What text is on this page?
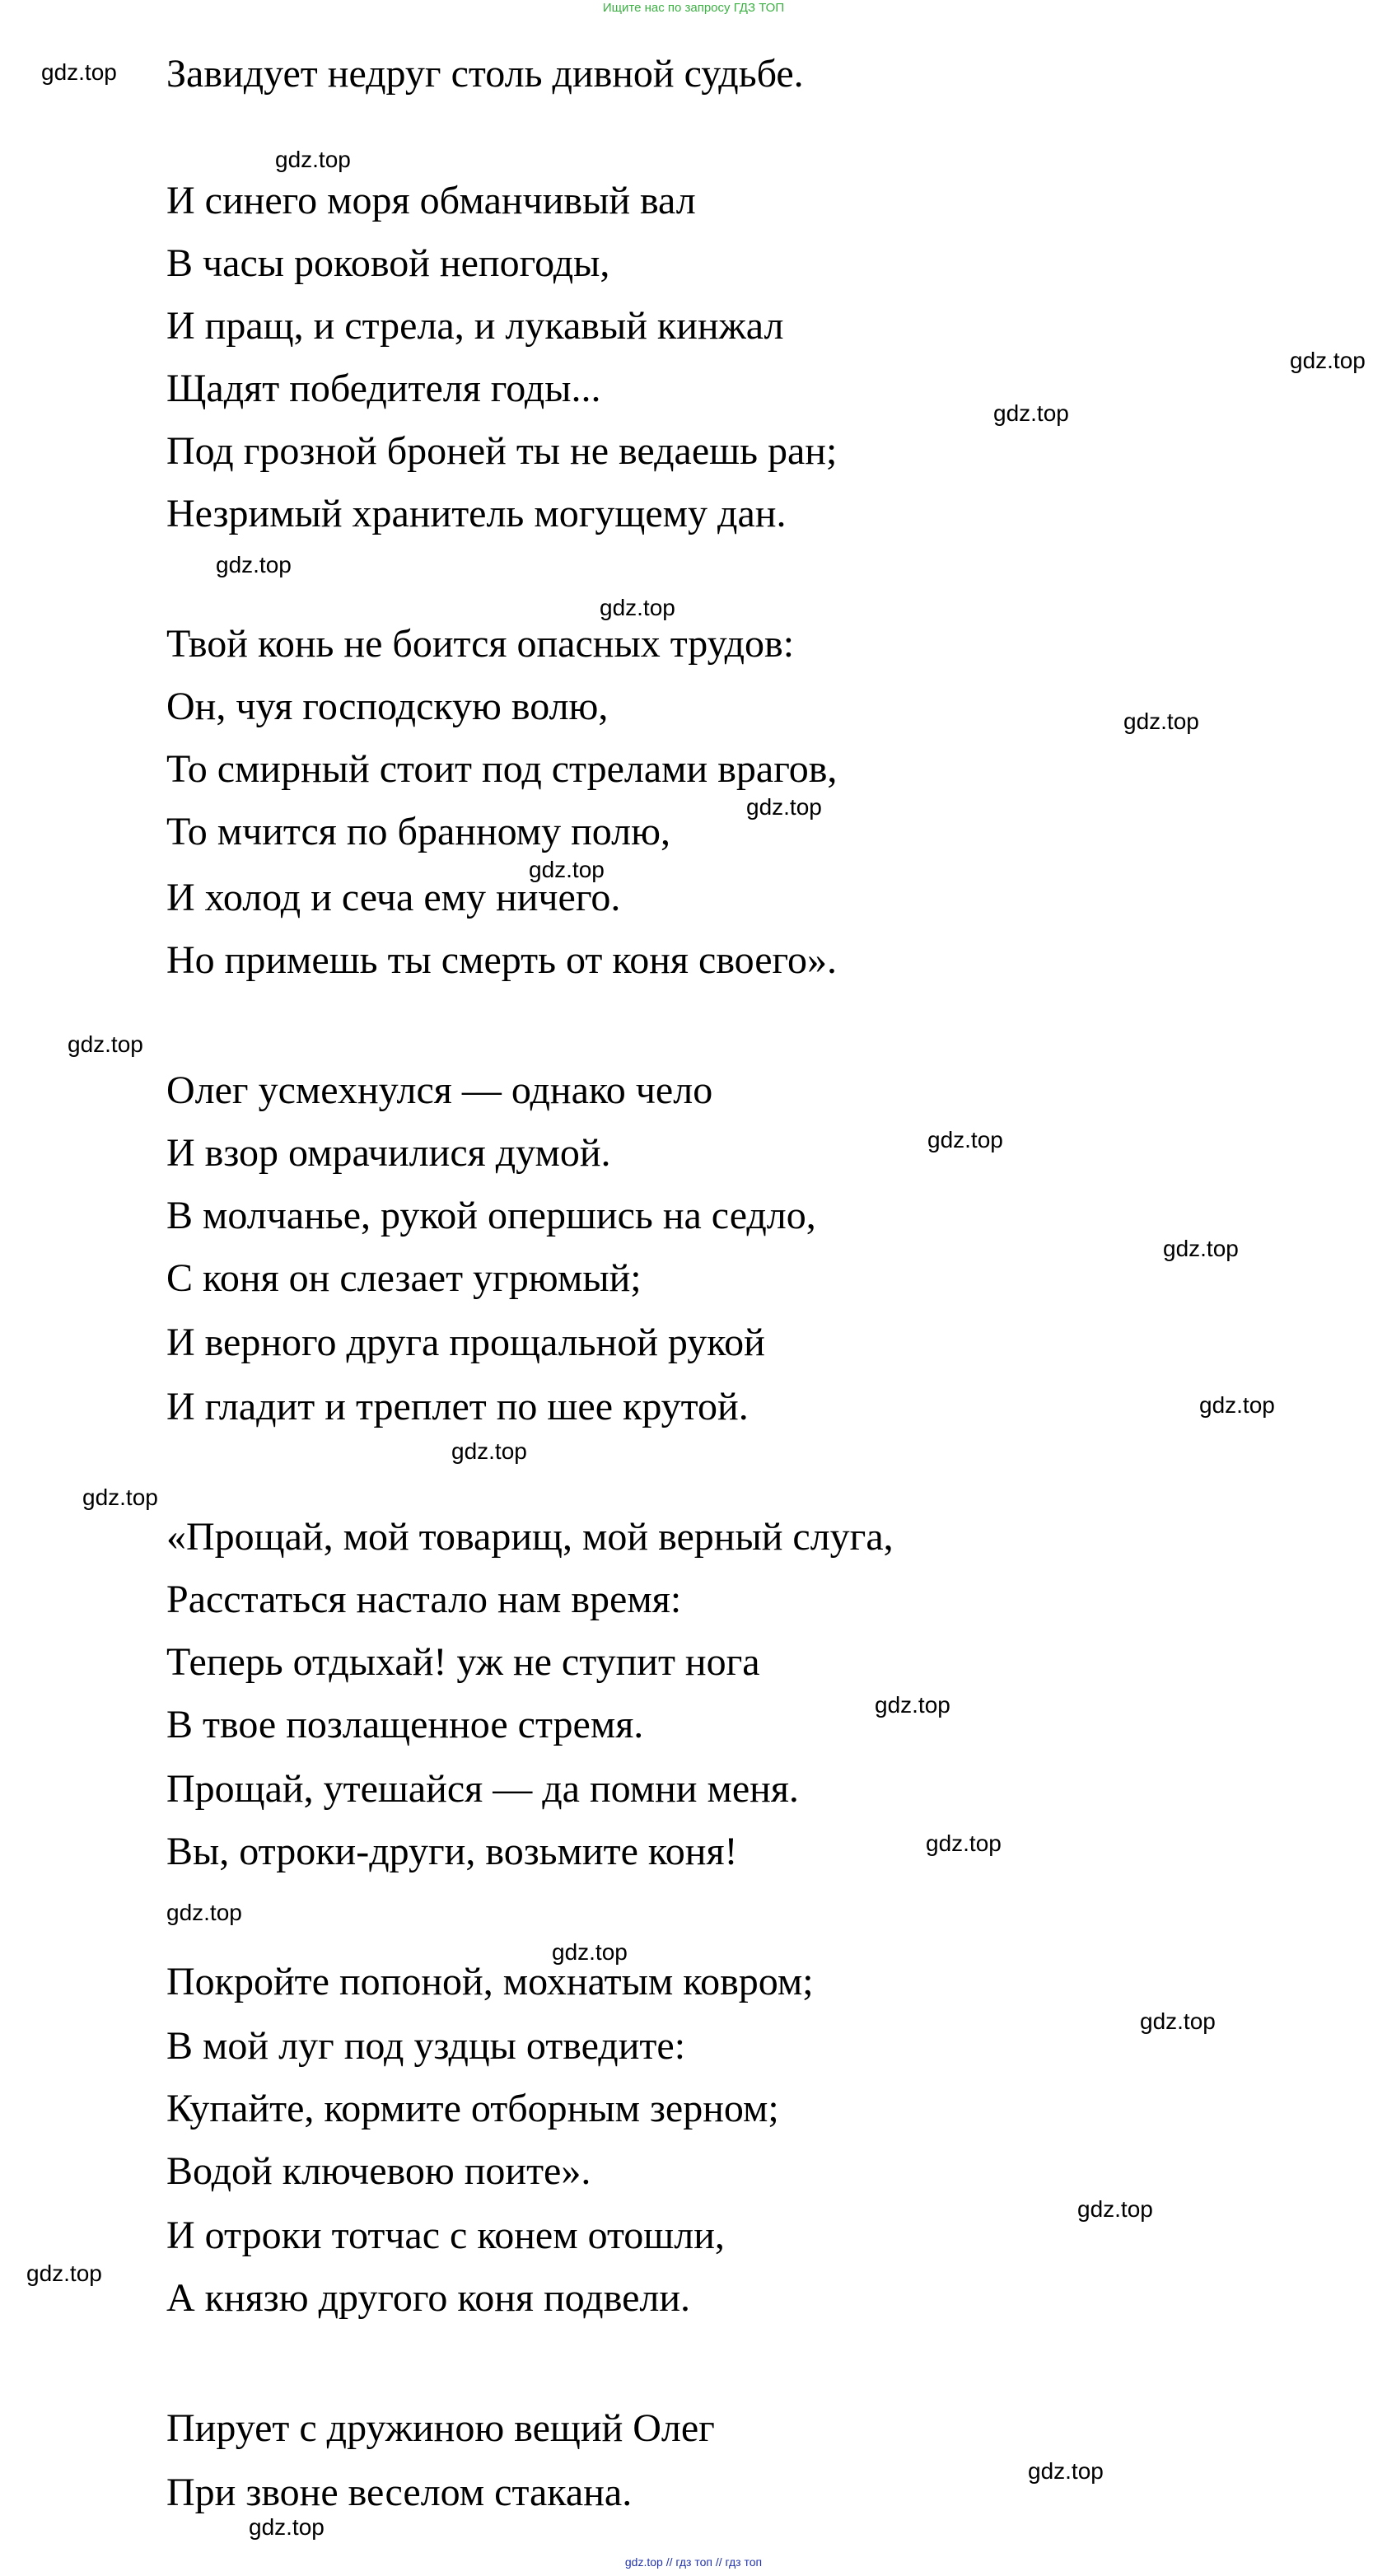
Ищите нас по запросу ГДЗ ТОП
Завидует недруг столь дивной судьбе.
И синего моря обманчивый вал
В часы роковой непогоды,
И пращ, и стрела, и лукавый кинжал
Щадят победителя годы...
Под грозной броней ты не ведаешь ран;
Незримый хранитель могущему дан.
Твой конь не боится опасных трудов:
Он, чуя господскую волю,
То смирный стоит под стрелами врагов,
То мчится по бранному полю,
И холод и сеча ему ничего.
Но примешь ты смерть от коня своего».
Олег усмехнулся — однако чело
И взор омрачилися думой.
В молчанье, рукой опершись на седло,
С коня он слезает угрюмый;
И верного друга прощальной рукой
И гладит и треплет по шее крутой.
«Прощай, мой товарищ, мой верный слуга,
Расстаться настало нам время:
Теперь отдыхай! уж не ступит нога
В твое позлащенное стремя.
Прощай, утешайся — да помни меня.
Вы, отроки-други, возьмите коня!
Покройте попоной, мохнатым ковром;
В мой луг под уздцы отведите:
Купайте, кормите отборным зерном;
Водой ключевою поите».
И отроки тотчас с конем отошли,
А князю другого коня подвели.
Пирует с дружиною вещий Олег
При звоне веселом стакана.
gdz.top
gdz.top
gdz.top
gdz.top
gdz.top
gdz.top
gdz.top
gdz.top
gdz.top
gdz.top
gdz.top
gdz.top
gdz.top
gdz.top
gdz.top
gdz.top
gdz.top
gdz.top
gdz.top
gdz.top
gdz.top
gdz.top
gdz.top
gdz.top
gdz.top // гдз топ // гдз топ
